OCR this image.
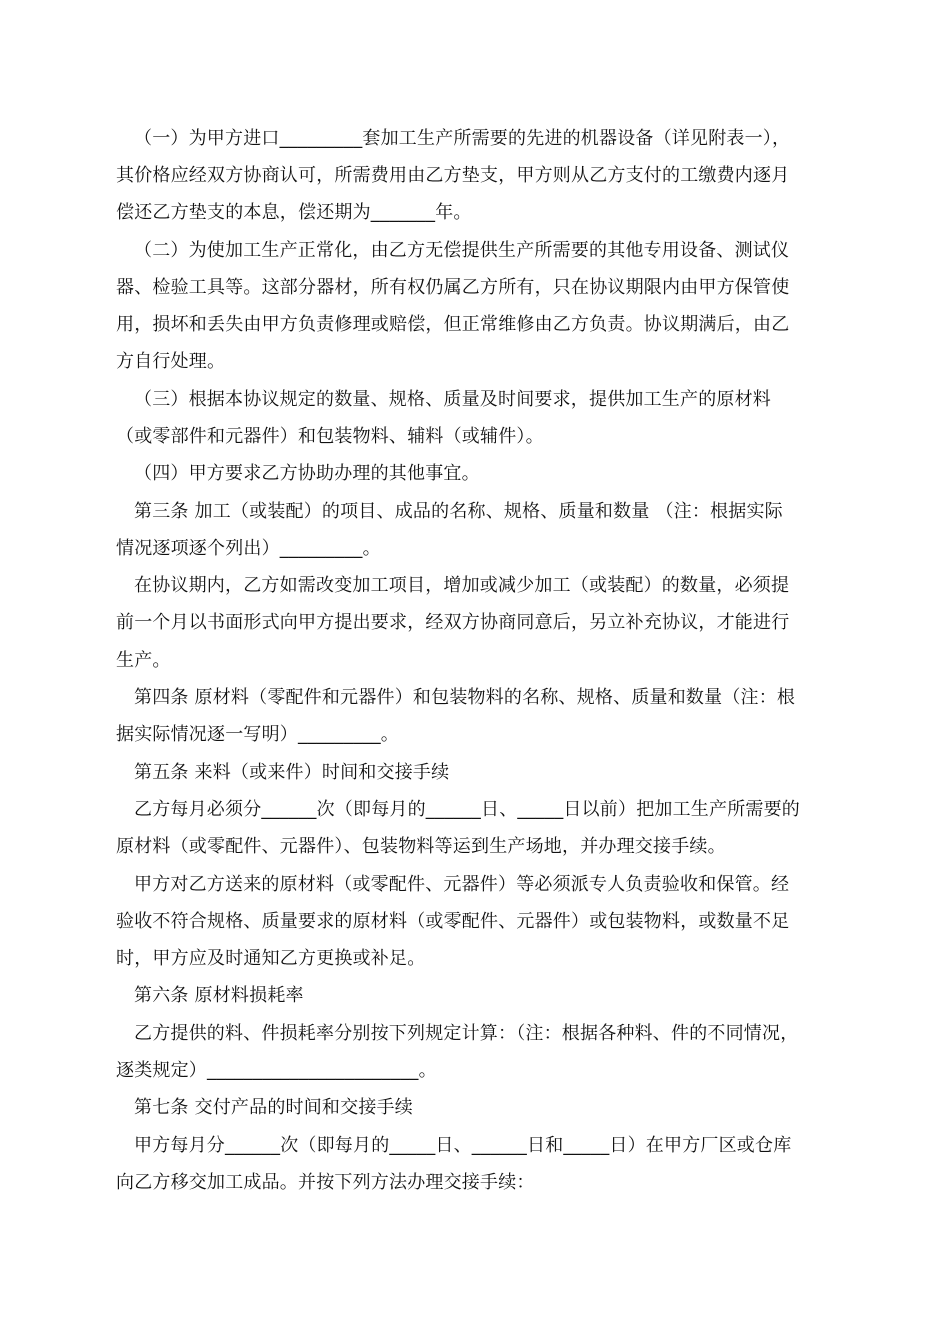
（一）为甲方进口_________套加工生产所需要的先进的机器设备（详见附表一），
其价格应经双方协商认可，所需费用由乙方垫支，甲方则从乙方支付的工缴费内逐月
偿还乙方垫支的本息，偿还期为_______年。
（二）为使加工生产正常化，由乙方无偿提供生产所需要的其他专用设备、测试仪
器、检验工具等。这部分器材，所有权仍属乙方所有，只在协议期限内由甲方保管使
用，损坏和丢失由甲方负责修理或赔偿，但正常维修由乙方负责。协议期满后，由乙
方自行处理。
（三）根据本协议规定的数量、规格、质量及时间要求，提供加工生产的原材料
（或零部件和元器件）和包装物料、辅料（或辅件）。
（四）甲方要求乙方协助办理的其他事宜。
第三条 加工（或装配）的项目、成品的名称、规格、质量和数量 （注：根据实际
情况逐项逐个列出）_________。
在协议期内，乙方如需改变加工项目，增加或减少加工（或装配）的数量，必须提
前一个月以书面形式向甲方提出要求，经双方协商同意后，另立补充协议，才能进行
生产。
第四条 原材料（零配件和元器件）和包装物料的名称、规格、质量和数量（注：根
据实际情况逐一写明）_________。
第五条 来料（或来件）时间和交接手续
乙方每月必须分______次（即每月的______日、_____日以前）把加工生产所需要的
原材料（或零配件、元器件）、包装物料等运到生产场地，并办理交接手续。
甲方对乙方送来的原材料（或零配件、元器件）等必须派专人负责验收和保管。经
验收不符合规格、质量要求的原材料（或零配件、元器件）或包装物料，或数量不足
时，甲方应及时通知乙方更换或补足。
第六条 原材料损耗率
乙方提供的料、件损耗率分别按下列规定计算：（注：根据各种料、件的不同情况，
逐类规定）_______________________。
第七条 交付产品的时间和交接手续
甲方每月分______次（即每月的_____日、______日和_____日）在甲方厂区或仓库
向乙方移交加工成品。并按下列方法办理交接手续：
